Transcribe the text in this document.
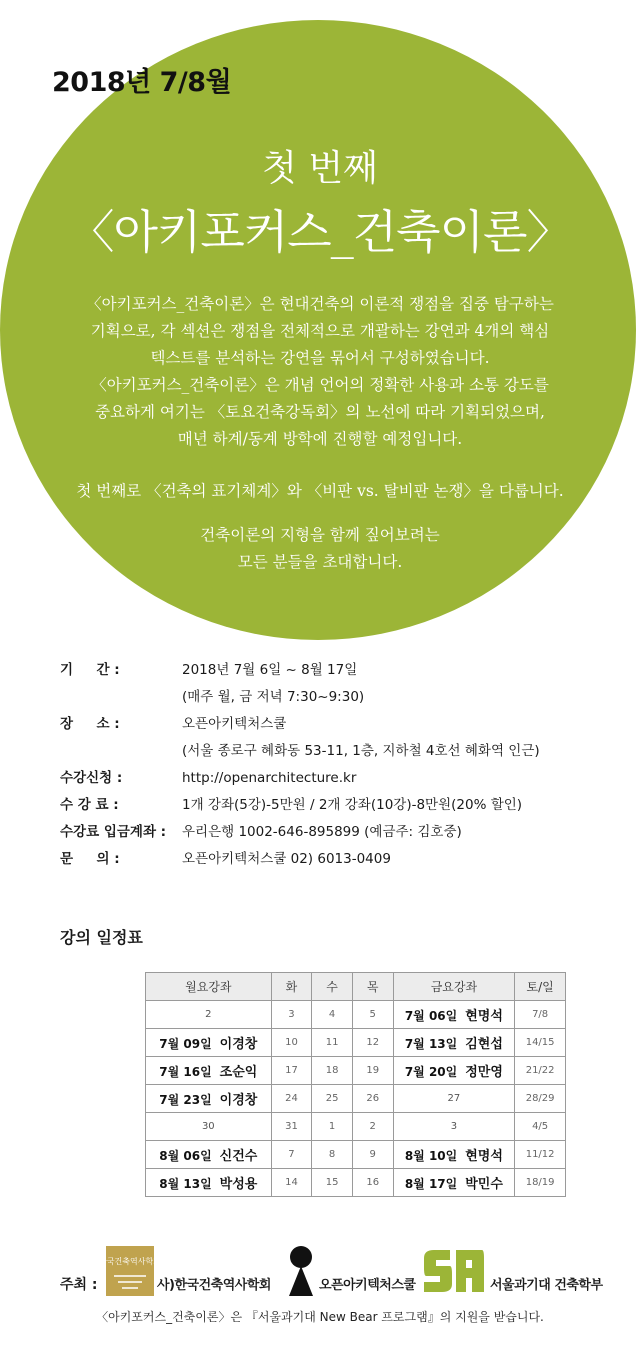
2018년 7/8월
첫 번째
〈아키포커스_건축이론〉

〈아키포커스_건축이론〉은 현대건축의 이론적 쟁점을 집중 탐구하는

기획으로, 각 섹션은 쟁점을 전체적으로 개괄하는 강연과 4개의 핵심

텍스트를 분석하는 강연을 묶어서 구성하였습니다.

〈아키포커스_건축이론〉은 개념 언어의 정확한 사용과 소통 강도를

중요하게 여기는 〈토요건축강독회〉의 노선에 따라 기획되었으며,

매년 하계/동계 방학에 진행할 예정입니다.

첫 번째로 〈건축의 표기체계〉와 〈비판 vs. 탈비판 논쟁〉을 다룹니다.

건축이론의 지형을 함께 짚어보려는

모든 분들을 초대합니다.

기     간 :	2018년 7월 6일 ~ 8월 17일
(매주 월, 금 저녁 7:30~9:30)
장     소 :	오픈아키텍처스쿨
(서울 종로구 혜화동 53-11, 1층, 지하철 4호선 혜화역 인근)
수강신청 :	http://openarchitecture.kr
수 강 료 :	1개 강좌(5강)-5만원 / 2개 강좌(10강)-8만원(20% 할인)
수강료 입금계좌 :	우리은행 1002-646-895899 (예금주: 김호중)
문     의 :	오픈아키텍처스쿨 02) 6013-0409
강의 일정표
월요강좌	화	수	목	금요강좌	토/일
2	3	4	5	7월 06일 현명석	7/8
7월 09일 이경창	10	11	12	7월 13일 김현섭	14/15
7월 16일 조순익	17	18	19	7월 20일 정만영	21/22
7월 23일 이경창	24	25	26	27	28/29
30	31	1	2	3	4/5
8월 06일 신건수	7	8	9	8월 10일 현명석	11/12
8월 13일 박성용	14	15	16	8월 17일 박민수	18/19
주최 :
한국건축역사학회
사)한국건축역사학회	오픈아키텍처스쿨	서울과기대 건축학부
〈아키포커스_건축이론〉은 『서울과기대 New Bear 프로그램』의 지원을 받습니다.
